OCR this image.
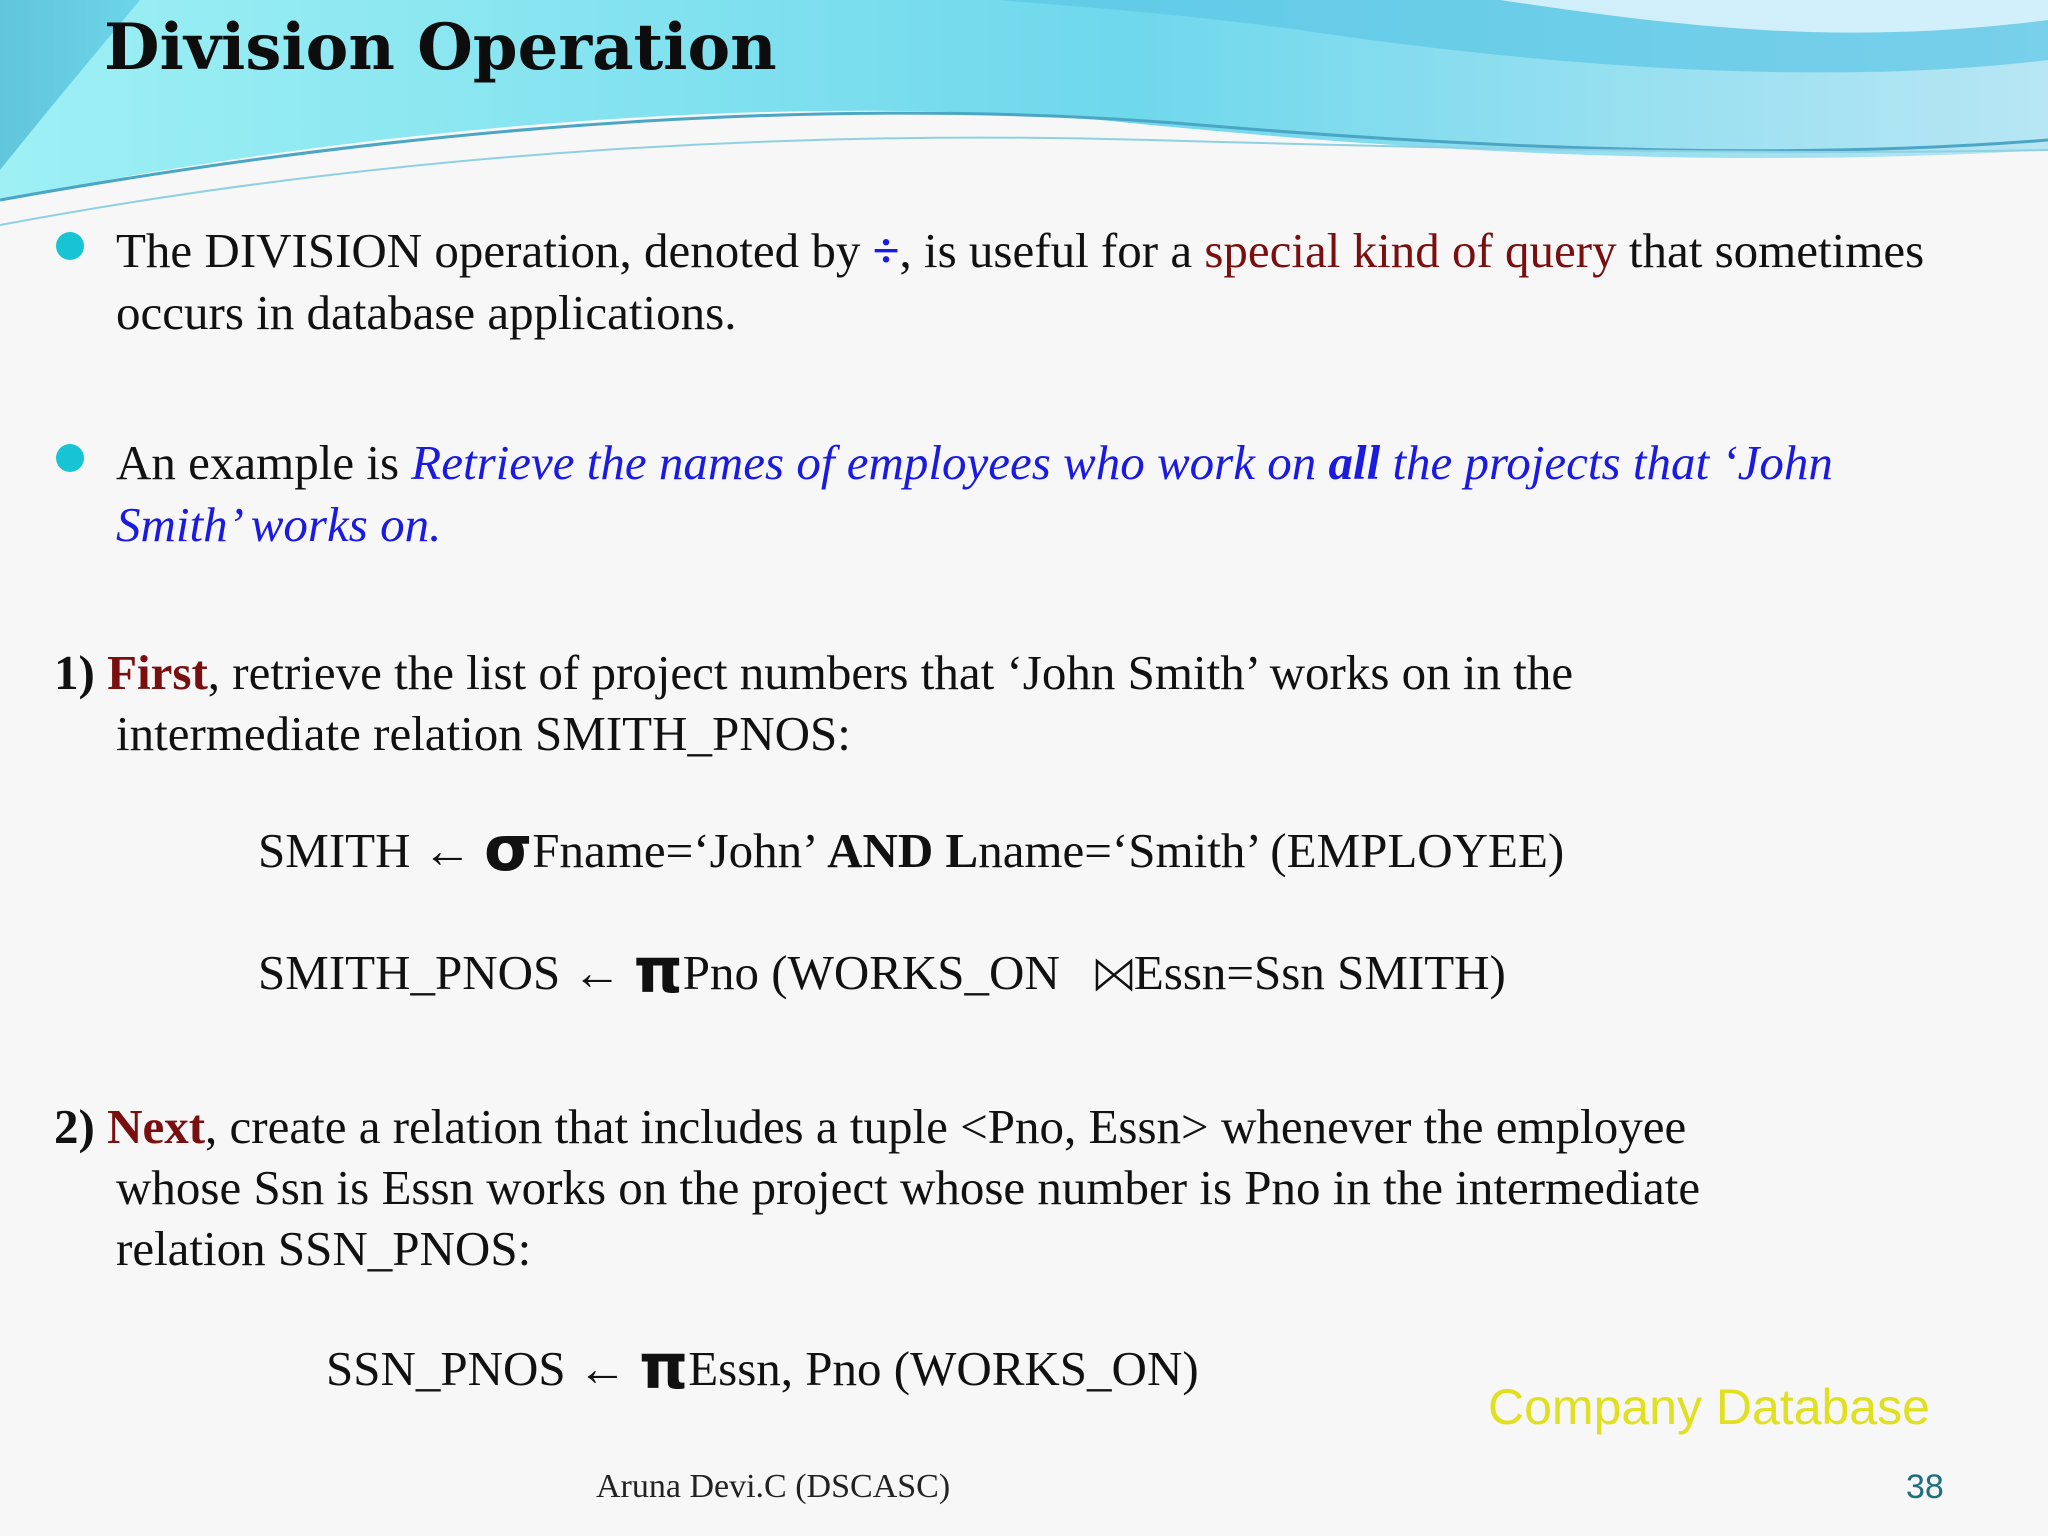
Division Operation
The DIVISION operation, denoted by ÷, is useful for a special kind of query that sometimes occurs in database applications.
An example is Retrieve the names of employees who work on all the projects that ‘John Smith’ works on.
1) First, retrieve the list of project numbers that ‘John Smith’ works on in the
intermediate relation SMITH_PNOS:
SMITH ← σFname=‘John’ AND Lname=‘Smith’ (EMPLOYEE)
SMITH_PNOS ← πPno (WORKS_ON Essn=Ssn SMITH)
2) Next, create a relation that includes a tuple <Pno, Essn> whenever the employee
whose Ssn is Essn works on the project whose number is Pno in the intermediate
relation SSN_PNOS:
SSN_PNOS ← πEssn, Pno (WORKS_ON)
Company Database
Aruna Devi.C (DSCASC)	38
